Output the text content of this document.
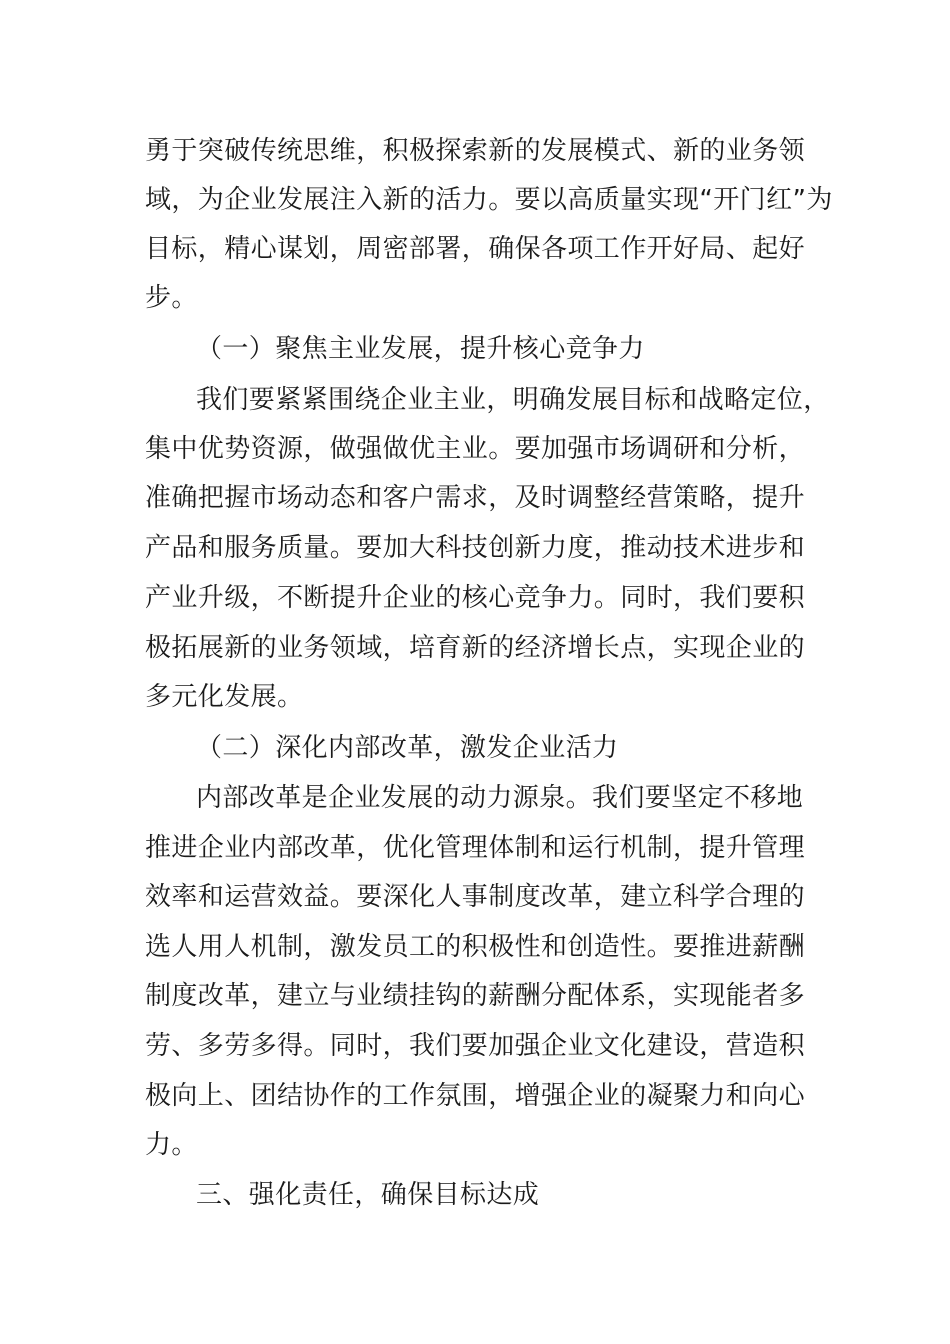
勇于突破传统思维，积极探索新的发展模式、新的业务领
域，为企业发展注入新的活力。要以高质量实现“开门红”为
目标，精心谋划，周密部署，确保各项工作开好局、起好
步。
（一）聚焦主业发展，提升核心竞争力
我们要紧紧围绕企业主业，明确发展目标和战略定位，
集中优势资源，做强做优主业。要加强市场调研和分析，
准确把握市场动态和客户需求，及时调整经营策略，提升
产品和服务质量。要加大科技创新力度，推动技术进步和
产业升级，不断提升企业的核心竞争力。同时，我们要积
极拓展新的业务领域，培育新的经济增长点，实现企业的
多元化发展。
（二）深化内部改革，激发企业活力
内部改革是企业发展的动力源泉。我们要坚定不移地
推进企业内部改革，优化管理体制和运行机制，提升管理
效率和运营效益。要深化人事制度改革，建立科学合理的
选人用人机制，激发员工的积极性和创造性。要推进薪酬
制度改革，建立与业绩挂钩的薪酬分配体系，实现能者多
劳、多劳多得。同时，我们要加强企业文化建设，营造积
极向上、团结协作的工作氛围，增强企业的凝聚力和向心
力。
三、强化责任，确保目标达成
